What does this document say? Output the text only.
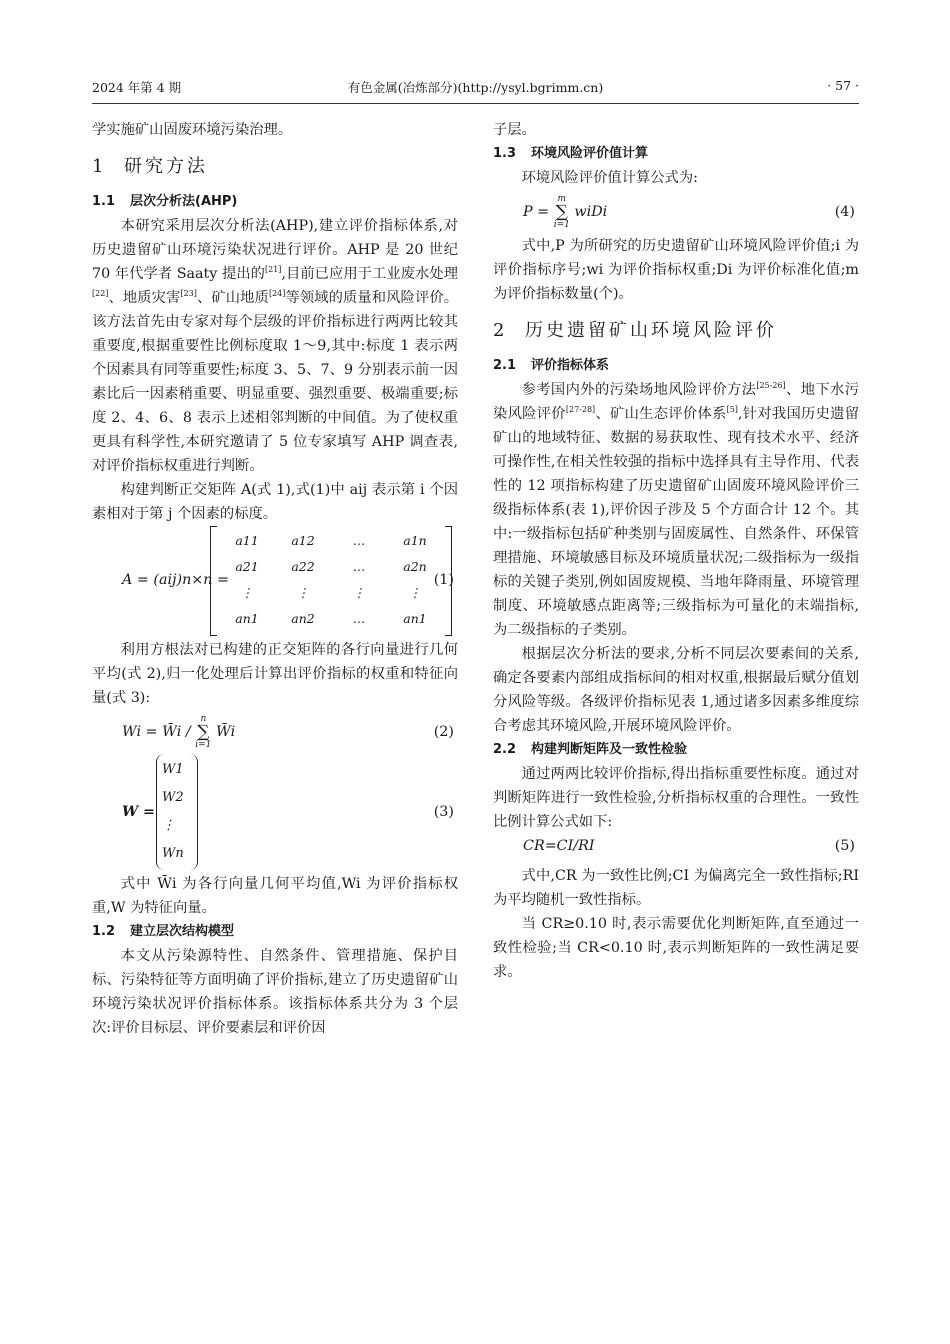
2024 年第 4 期	有色金属(冶炼部分)(http://ysyl.bgrimm.cn)	· 57 ·

学实施矿山固废环境污染治理。

1 研究方法
1.1 层次分析法(AHP)

本研究采用层次分析法(AHP),建立评价指标体系,对历史遗留矿山环境污染状况进行评价。AHP 是 20 世纪 70 年代学者 Saaty 提出的[21],目前已应用于工业废水处理[22]、地质灾害[23]、矿山地质[24]等领域的质量和风险评价。该方法首先由专家对每个层级的评价指标进行两两比较其重要度,根据重要性比例标度取 1～9,其中:标度 1 表示两个因素具有同等重要性;标度 3、5、7、9 分别表示前一因素比后一因素稍重要、明显重要、强烈重要、极端重要;标度 2、4、6、8 表示上述相邻判断的中间值。为了使权重更具有科学性,本研究邀请了 5 位专家填写 AHP 调查表,对评价指标权重进行判断。

构建判断正交矩阵 A(式 1),式(1)中 aij 表示第 i 个因素相对于第 j 个因素的标度。

A = (aij)n×n =
a11	a12	…	a1n
a21	a22	…	a2n
⋮	⋮	⋮	⋮
an1	an2	…	an1
(1)

利用方根法对已构建的正交矩阵的各行向量进行几何平均(式 2),归一化处理后计算出评价指标的权重和特征向量(式 3):

Wi = W̄i / n
∑
i=1 W̄i	(2)
W =
W1
W2
⋮
Wn
(3)

式中 W̄i 为各行向量几何平均值,Wi 为评价指标权重,W 为特征向量。

1.2 建立层次结构模型

本文从污染源特性、自然条件、管理措施、保护目标、污染特征等方面明确了评价指标,建立了历史遗留矿山环境污染状况评价指标体系。该指标体系共分为 3 个层次:评价目标层、评价要素层和评价因

子层。

1.3 环境风险评价值计算

环境风险评价值计算公式为:

P = m
∑
i=1 wiDi	(4)

式中,P 为所研究的历史遗留矿山环境风险评价值;i 为评价指标序号;wi 为评价指标权重;Di 为评价标准化值;m 为评价指标数量(个)。

2 历史遗留矿山环境风险评价
2.1 评价指标体系

参考国内外的污染场地风险评价方法[25-26]、地下水污染风险评价[27-28]、矿山生态评价体系[5],针对我国历史遗留矿山的地域特征、数据的易获取性、现有技术水平、经济可操作性,在相关性较强的指标中选择具有主导作用、代表性的 12 项指标构建了历史遗留矿山固废环境风险评价三级指标体系(表 1),评价因子涉及 5 个方面合计 12 个。其中:一级指标包括矿种类别与固废属性、自然条件、环保管理措施、环境敏感目标及环境质量状况;二级指标为一级指标的关键子类别,例如固废规模、当地年降雨量、环境管理制度、环境敏感点距离等;三级指标为可量化的末端指标,为二级指标的子类别。

根据层次分析法的要求,分析不同层次要素间的关系,确定各要素内部组成指标间的相对权重,根据最后赋分值划分风险等级。各级评价指标见表 1,通过诸多因素多维度综合考虑其环境风险,开展环境风险评价。

2.2 构建判断矩阵及一致性检验

通过两两比较评价指标,得出指标重要性标度。通过对判断矩阵进行一致性检验,分析指标权重的合理性。一致性比例计算公式如下:

CR=CI/RI	(5)

式中,CR 为一致性比例;CI 为偏离完全一致性指标;RI 为平均随机一致性指标。

当 CR≥0.10 时,表示需要优化判断矩阵,直至通过一致性检验;当 CR<0.10 时,表示判断矩阵的一致性满足要求。
